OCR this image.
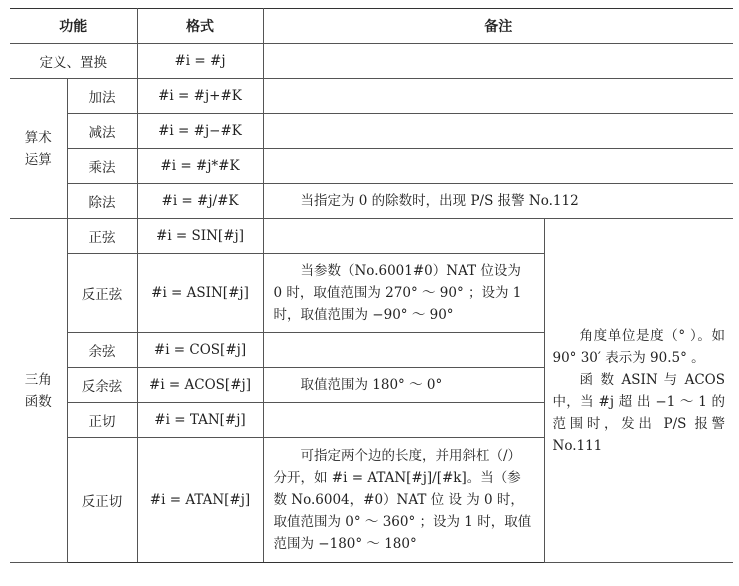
功能		格式	备注	
定义、置换		#i = #j		
算术运算	加法	#i = #j+#K		
	减法	#i = #j−#K		
	乘法	#i = #j*#K		
	除法	#i = #j/#K	当指定为 0 的除数时，出现 P/S 报警 No.112	
三角函数	正弦	#i = SIN[#j]		角度单位是度（° ）。如 90° 30′ 表示为 90.5° 。

函 数 ASIN 与 ACOS 中，当 #j 超 出 −1 ～ 1 的范围时，发出 P/S 报警 No.111

	反正弦	#i = ASIN[#j]	当参数（No.6001#0）NAT 位设为 0 时，取值范围为 270° ～ 90° ；设为 1 时，取值范围为 −90° ～ 90°	
	余弦	#i = COS[#j]		
	反余弦	#i = ACOS[#j]	取值范围为 180° ～ 0°	
	正切	#i = TAN[#j]		
	反正切	#i = ATAN[#j]	可指定两个边的长度，并用斜杠（/）分开，如 #i = ATAN[#j]/[#k]。当（参数 No.6004，#0）NAT 位 设 为 0 时，取值范围为 0° ～ 360° ；设为 1 时，取值范围为 −180° ～ 180°	
